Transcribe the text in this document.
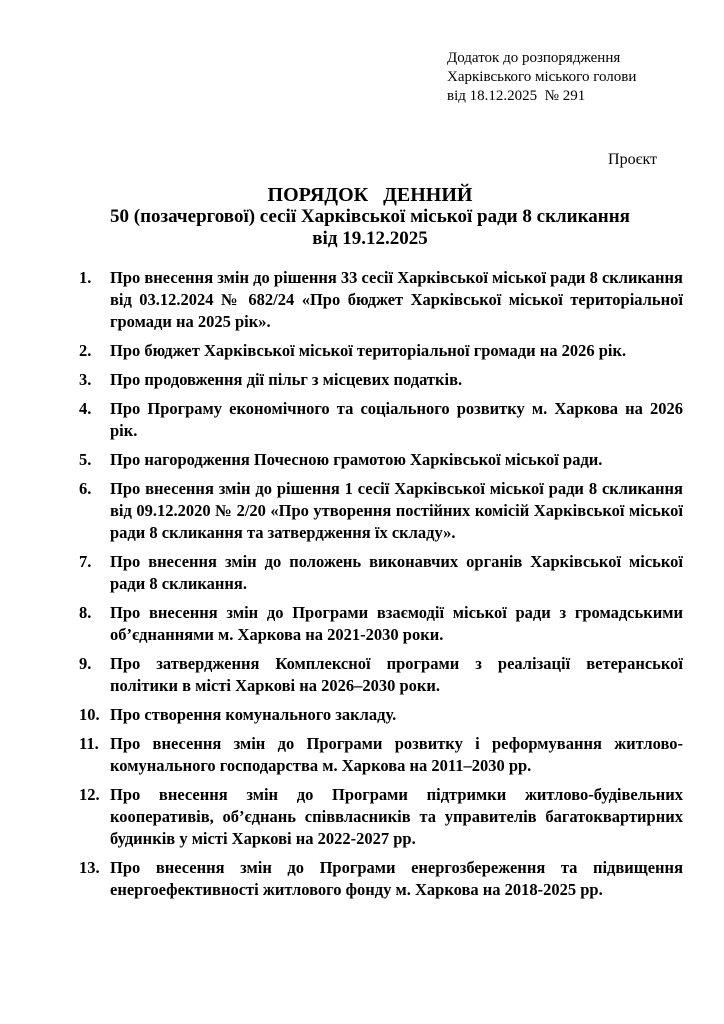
Додаток до розпорядження
Харківського міського голови
від 18.12.2025  № 291
Проєкт
ПОРЯДОК   ДЕННИЙ
50 (позачергової) сесії Харківської міської ради 8 скликання
від 19.12.2025
1. Про внесення змін до рішення 33 сесії Харківської міської ради 8 скликання від 03.12.2024 № 682/24 «Про бюджет Харківської міської територіальної громади на 2025 рік».
2. Про бюджет Харківської міської територіальної громади на 2026 рік.
3. Про продовження дії пільг з місцевих податків.
4. Про Програму економічного та соціального розвитку м. Харкова на 2026 рік.
5. Про нагородження Почесною грамотою Харківської міської ради.
6. Про внесення змін до рішення 1 сесії Харківської міської ради 8 скликання від 09.12.2020 № 2/20 «Про утворення постійних комісій Харківської міської ради 8 скликання та затвердження їх складу».
7. Про внесення змін до положень виконавчих органів Харківської міської ради 8 скликання.
8. Про внесення змін до Програми взаємодії міської ради з громадськими об’єднаннями м. Харкова на 2021-2030 роки.
9. Про затвердження Комплексної програми з реалізації ветеранської політики в місті Харкові на 2026–2030 роки.
10. Про створення комунального закладу.
11. Про внесення змін до Програми розвитку і реформування житлово-комунального господарства м. Харкова на 2011–2030 рр.
12. Про внесення змін до Програми підтримки житлово-будівельних кооперативів, об’єднань співвласників та управителів багатоквартирних будинків у місті Харкові на 2022-2027 рр.
13. Про внесення змін до Програми енергозбереження та підвищення енергоефективності житлового фонду м. Харкова на 2018-2025 рр.
